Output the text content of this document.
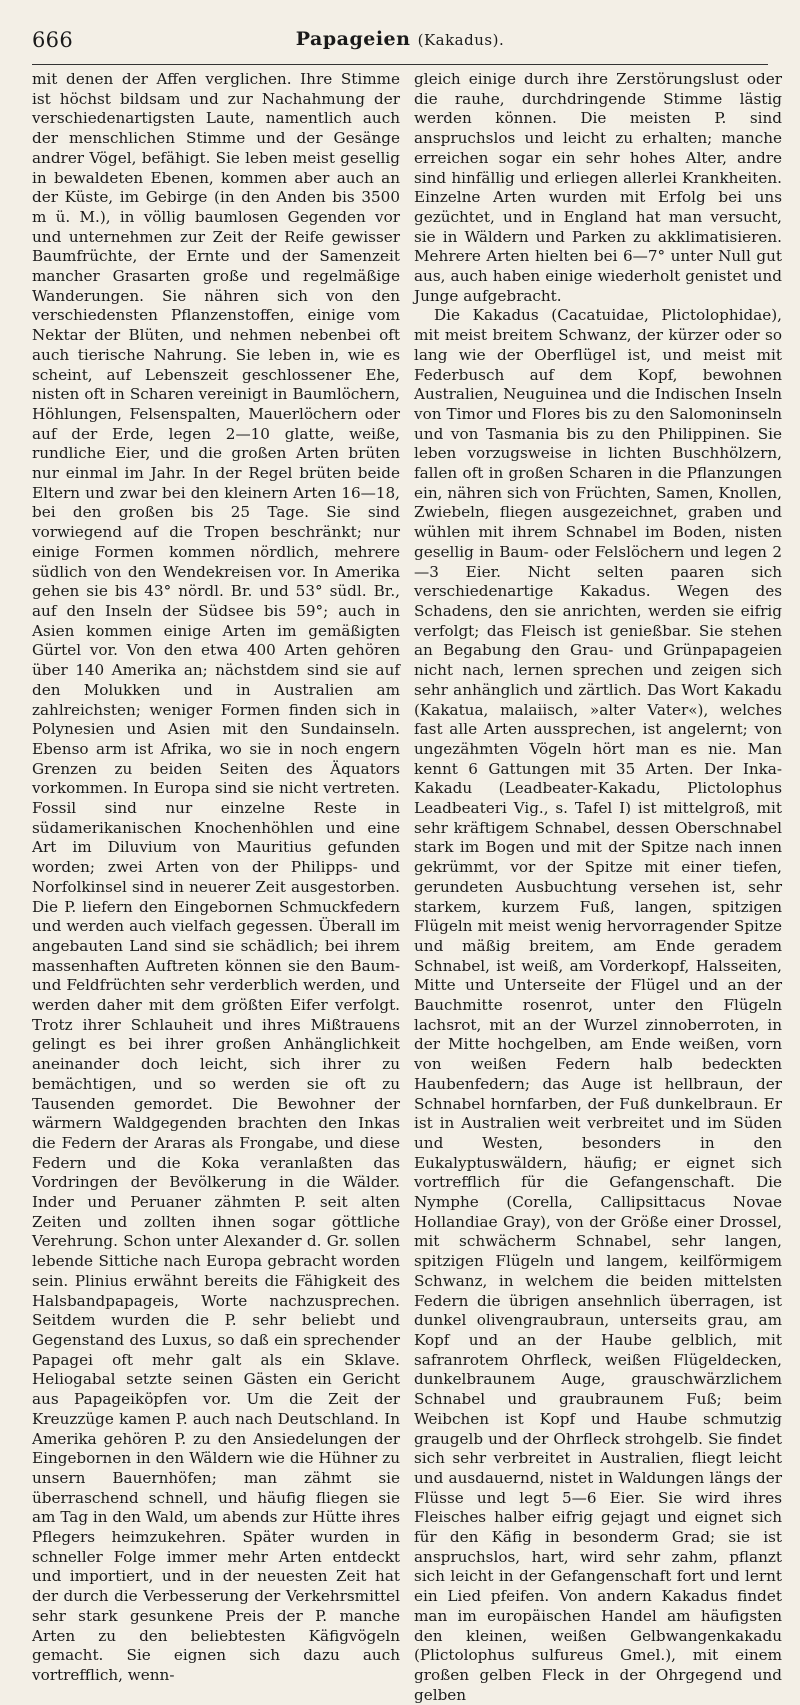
666	Papageien (Kakadus).

mit denen der Affen verglichen. Ihre Stimme ist höchst bildsam und zur Nachahmung der verschiedenartigsten Laute, namentlich auch der menschlichen Stimme und der Gesänge andrer Vögel, befähigt. Sie leben meist gesellig in bewaldeten Ebenen, kommen aber auch an der Küste, im Gebirge (in den Anden bis 3500 m ü. M.), in völlig baumlosen Gegenden vor und unternehmen zur Zeit der Reife gewisser Baumfrüchte, der Ernte und der Samenzeit mancher Grasarten große und regelmäßige Wanderungen. Sie nähren sich von den verschiedensten Pflanzenstoffen, einige vom Nektar der Blüten, und nehmen nebenbei oft auch tierische Nahrung. Sie leben in, wie es scheint, auf Lebenszeit geschlossener Ehe, nisten oft in Scharen vereinigt in Baumlöchern, Höhlungen, Felsenspalten, Mauerlöchern oder auf der Erde, legen 2—10 glatte, weiße, rundliche Eier, und die großen Arten brüten nur einmal im Jahr. In der Regel brüten beide Eltern und zwar bei den kleinern Arten 16—18, bei den großen bis 25 Tage. Sie sind vorwiegend auf die Tropen beschränkt; nur einige Formen kommen nördlich, mehrere südlich von den Wendekreisen vor. In Amerika gehen sie bis 43° nördl. Br. und 53° südl. Br., auf den Inseln der Südsee bis 59°; auch in Asien kommen einige Arten im gemäßigten Gürtel vor. Von den etwa 400 Arten gehören über 140 Amerika an; nächstdem sind sie auf den Molukken und in Australien am zahlreichsten; weniger Formen finden sich in Polynesien und Asien mit den Sundainseln. Ebenso arm ist Afrika, wo sie in noch engern Grenzen zu beiden Seiten des Äquators vorkommen. In Europa sind sie nicht vertreten. Fossil sind nur einzelne Reste in südamerikanischen Knochenhöhlen und eine Art im Diluvium von Mauritius gefunden worden; zwei Arten von der Philipps- und Norfolkinsel sind in neuerer Zeit ausgestorben. Die P. liefern den Eingebornen Schmuckfedern und werden auch vielfach gegessen. Überall im angebauten Land sind sie schädlich; bei ihrem massenhaften Auftreten können sie den Baum- und Feldfrüchten sehr verderblich werden, und werden daher mit dem größten Eifer verfolgt. Trotz ihrer Schlauheit und ihres Mißtrauens gelingt es bei ihrer großen Anhänglichkeit aneinander doch leicht, sich ihrer zu bemächtigen, und so werden sie oft zu Tausenden gemordet. Die Bewohner der wärmern Waldgegenden brachten den Inkas die Federn der Araras als Frongabe, und diese Federn und die Koka veranlaßten das Vordringen der Bevölkerung in die Wälder. Inder und Peruaner zähmten P. seit alten Zeiten und zollten ihnen sogar göttliche Verehrung. Schon unter Alexander d. Gr. sollen lebende Sittiche nach Europa gebracht worden sein. Plinius erwähnt bereits die Fähigkeit des Halsbandpapageis, Worte nachzusprechen. Seitdem wurden die P. sehr beliebt und Gegenstand des Luxus, so daß ein sprechender Papagei oft mehr galt als ein Sklave. Heliogabal setzte seinen Gästen ein Gericht aus Papageiköpfen vor. Um die Zeit der Kreuzzüge kamen P. auch nach Deutschland. In Amerika gehören P. zu den Ansiedelungen der Eingebornen in den Wäldern wie die Hühner zu unsern Bauernhöfen; man zähmt sie überraschend schnell, und häufig fliegen sie am Tag in den Wald, um abends zur Hütte ihres Pflegers heimzukehren. Später wurden in schneller Folge immer mehr Arten entdeckt und importiert, und in der neuesten Zeit hat der durch die Verbesserung der Verkehrsmittel sehr stark gesunkene Preis der P. manche Arten zu den beliebtesten Käfigvögeln gemacht. Sie eignen sich dazu auch vortrefflich, wenn-

gleich einige durch ihre Zerstörungslust oder die rauhe, durchdringende Stimme lästig werden können. Die meisten P. sind anspruchslos und leicht zu erhalten; manche erreichen sogar ein sehr hohes Alter, andre sind hinfällig und erliegen allerlei Krankheiten. Einzelne Arten wurden mit Erfolg bei uns gezüchtet, und in England hat man versucht, sie in Wäldern und Parken zu akklimatisieren. Mehrere Arten hielten bei 6—7° unter Null gut aus, auch haben einige wiederholt genistet und Junge aufgebracht.

Die Kakadus (Cacatuidae, Plictolophidae), mit meist breitem Schwanz, der kürzer oder so lang wie der Oberflügel ist, und meist mit Federbusch auf dem Kopf, bewohnen Australien, Neuguinea und die Indischen Inseln von Timor und Flores bis zu den Salomoninseln und von Tasmania bis zu den Philippinen. Sie leben vorzugsweise in lichten Buschhölzern, fallen oft in großen Scharen in die Pflanzungen ein, nähren sich von Früchten, Samen, Knollen, Zwiebeln, fliegen ausgezeichnet, graben und wühlen mit ihrem Schnabel im Boden, nisten gesellig in Baum- oder Felslöchern und legen 2—3 Eier. Nicht selten paaren sich verschiedenartige Kakadus. Wegen des Schadens, den sie anrichten, werden sie eifrig verfolgt; das Fleisch ist genießbar. Sie stehen an Begabung den Grau- und Grünpapageien nicht nach, lernen sprechen und zeigen sich sehr anhänglich und zärtlich. Das Wort Kakadu (Kakatua, malaiisch, »alter Vater«), welches fast alle Arten aussprechen, ist angelernt; von ungezähmten Vögeln hört man es nie. Man kennt 6 Gattungen mit 35 Arten. Der Inka-Kakadu (Leadbeater-Kakadu, Plictolophus Leadbeateri Vig., s. Tafel I) ist mittelgroß, mit sehr kräftigem Schnabel, dessen Oberschnabel stark im Bogen und mit der Spitze nach innen gekrümmt, vor der Spitze mit einer tiefen, gerundeten Ausbuchtung versehen ist, sehr starkem, kurzem Fuß, langen, spitzigen Flügeln mit meist wenig hervorragender Spitze und mäßig breitem, am Ende geradem Schnabel, ist weiß, am Vorderkopf, Halsseiten, Mitte und Unterseite der Flügel und an der Bauchmitte rosenrot, unter den Flügeln lachsrot, mit an der Wurzel zinnoberroten, in der Mitte hochgelben, am Ende weißen, vorn von weißen Federn halb bedeckten Haubenfedern; das Auge ist hellbraun, der Schnabel hornfarben, der Fuß dunkelbraun. Er ist in Australien weit verbreitet und im Süden und Westen, besonders in den Eukalyptuswäldern, häufig; er eignet sich vortrefflich für die Gefangenschaft. Die Nymphe (Corella, Callipsittacus Novae Hollandiae Gray), von der Größe einer Drossel, mit schwächerm Schnabel, sehr langen, spitzigen Flügeln und langem, keilförmigem Schwanz, in welchem die beiden mittelsten Federn die übrigen ansehnlich überragen, ist dunkel olivengraubraun, unterseits grau, am Kopf und an der Haube gelblich, mit safranrotem Ohrfleck, weißen Flügeldecken, dunkelbraunem Auge, grauschwärzlichem Schnabel und graubraunem Fuß; beim Weibchen ist Kopf und Haube schmutzig graugelb und der Ohrfleck strohgelb. Sie findet sich sehr verbreitet in Australien, fliegt leicht und ausdauernd, nistet in Waldungen längs der Flüsse und legt 5—6 Eier. Sie wird ihres Fleisches halber eifrig gejagt und eignet sich für den Käfig in besonderm Grad; sie ist anspruchslos, hart, wird sehr zahm, pflanzt sich leicht in der Gefangenschaft fort und lernt ein Lied pfeifen. Von andern Kakadus findet man im europäischen Handel am häufigsten den kleinen, weißen Gelbwangenkakadu (Plictolophus sulfureus Gmel.), mit einem großen gelben Fleck in der Ohrgegend und gelben
